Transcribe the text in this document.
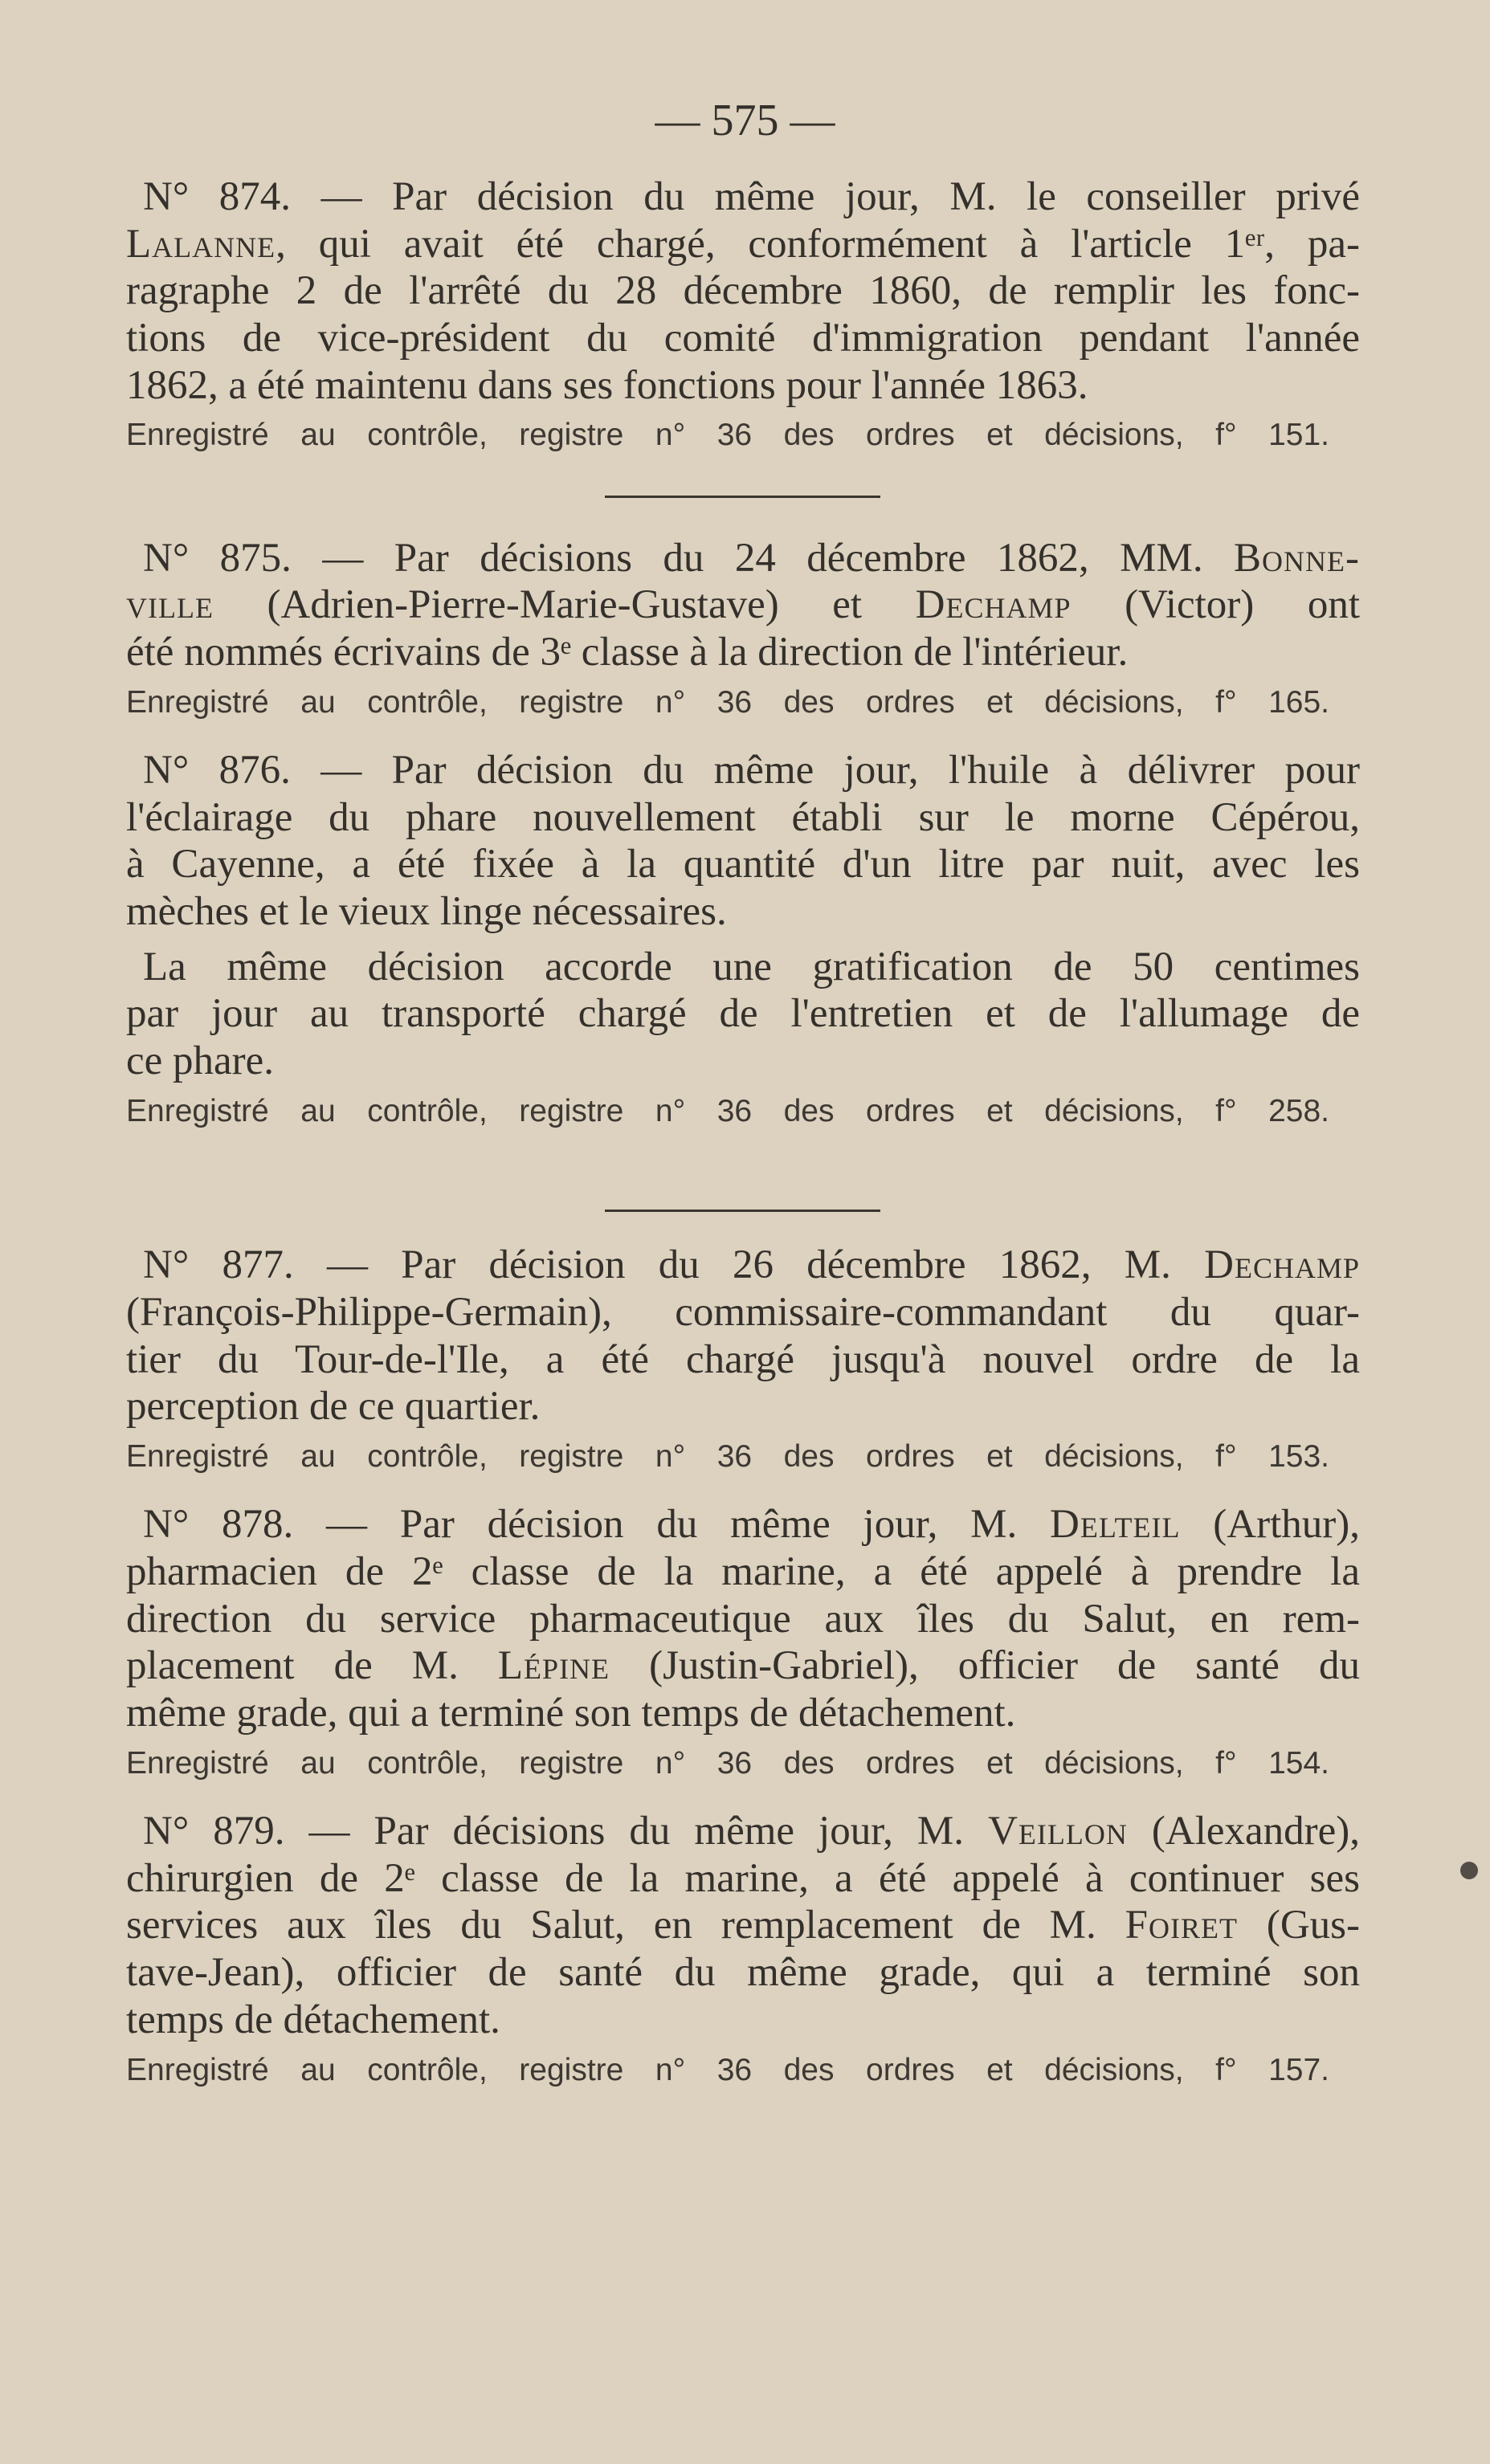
— 575 —
N° 874. — Par décision du même jour, M. le conseiller privé
Lalanne, qui avait été chargé, conformément à l'article 1ᵉʳ, pa-
ragraphe 2 de l'arrêté du 28 décembre 1860, de remplir les fonc-
tions de vice-président du comité d'immigration pendant l'année
1862, a été maintenu dans ses fonctions pour l'année 1863.
Enregistré au contrôle, registre n° 36 des ordres et décisions, f° 151.
N° 875. — Par décisions du 24 décembre 1862, MM. Bonne-
ville (Adrien-Pierre-Marie-Gustave) et Dechamp (Victor) ont
été nommés écrivains de 3ᵉ classe à la direction de l'intérieur.
Enregistré au contrôle, registre n° 36 des ordres et décisions, f° 165.
N° 876. — Par décision du même jour, l'huile à délivrer pour
l'éclairage du phare nouvellement établi sur le morne Cépérou,
à Cayenne, a été fixée à la quantité d'un litre par nuit, avec les
mèches et le vieux linge nécessaires.
La même décision accorde une gratification de 50 centimes
par jour au transporté chargé de l'entretien et de l'allumage de
ce phare.
Enregistré au contrôle, registre n° 36 des ordres et décisions, f° 258.
N° 877. — Par décision du 26 décembre 1862, M. Dechamp
(François-Philippe-Germain), commissaire-commandant du quar-
tier du Tour-de-l'Ile, a été chargé jusqu'à nouvel ordre de la
perception de ce quartier.
Enregistré au contrôle, registre n° 36 des ordres et décisions, f° 153.
N° 878. — Par décision du même jour, M. Delteil (Arthur),
pharmacien de 2ᵉ classe de la marine, a été appelé à prendre la
direction du service pharmaceutique aux îles du Salut, en rem-
placement de M. Lépine (Justin-Gabriel), officier de santé du
même grade, qui a terminé son temps de détachement.
Enregistré au contrôle, registre n° 36 des ordres et décisions, f° 154.
N° 879. — Par décisions du même jour, M. Veillon (Alexandre),
chirurgien de 2ᵉ classe de la marine, a été appelé à continuer ses
services aux îles du Salut, en remplacement de M. Foiret (Gus-
tave-Jean), officier de santé du même grade, qui a terminé son
temps de détachement.
Enregistré au contrôle, registre n° 36 des ordres et décisions, f° 157.
